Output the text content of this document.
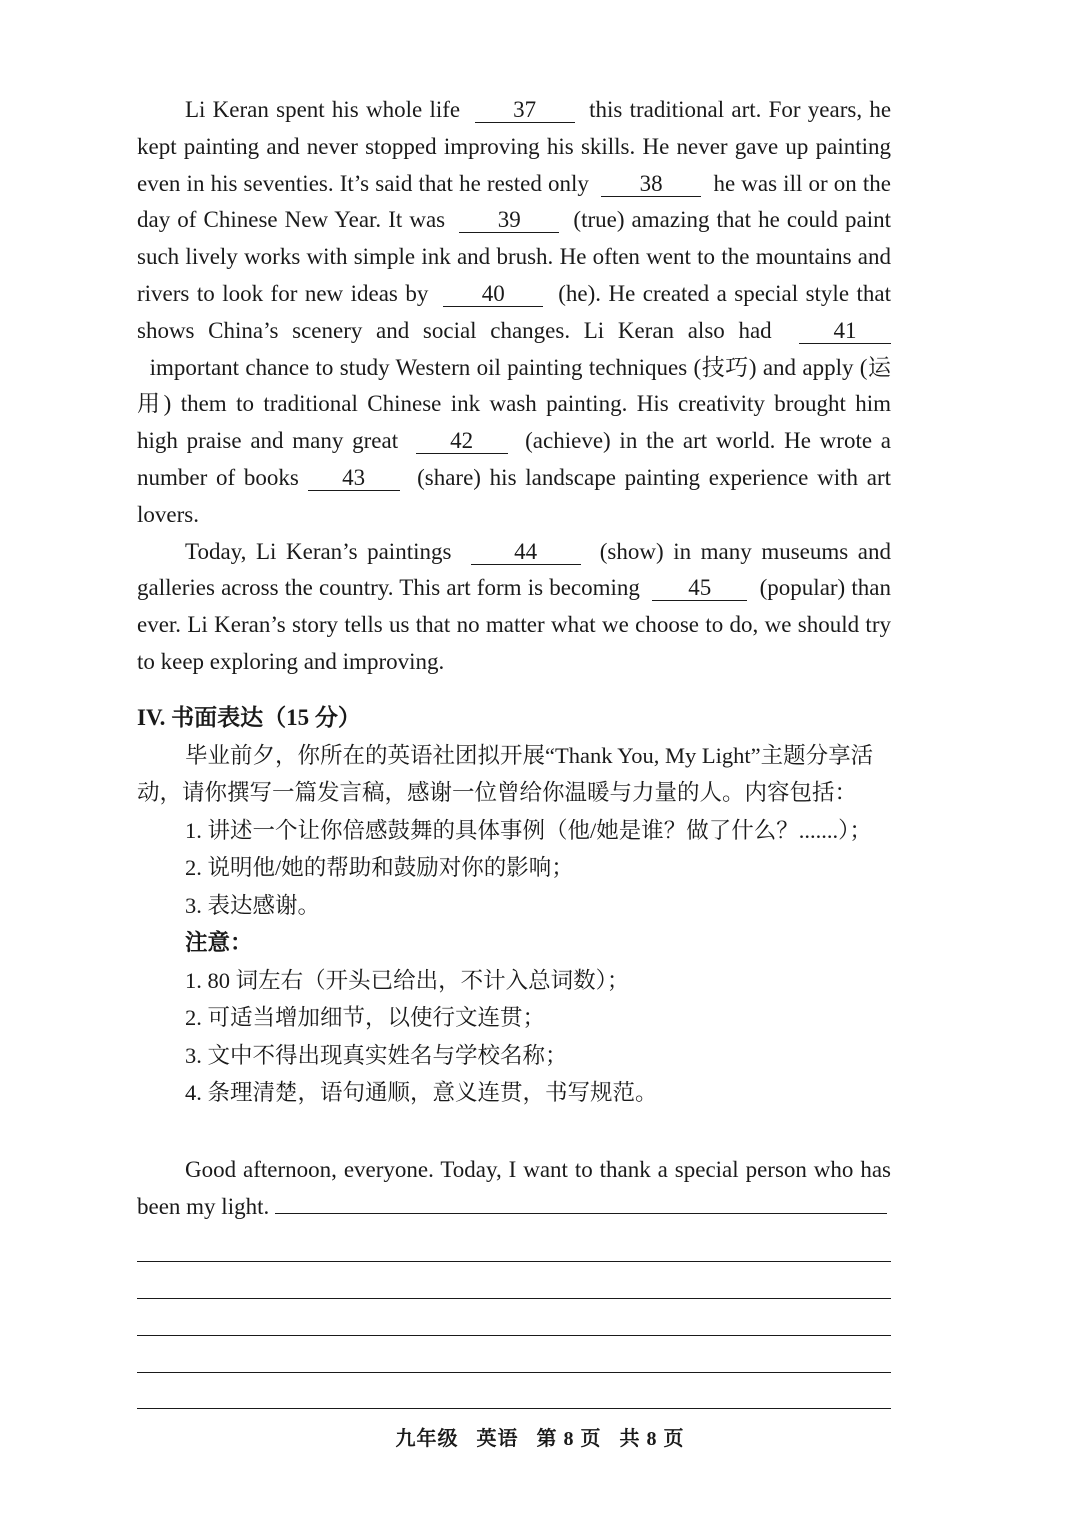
Li Keran spent his whole life 37 this traditional art. For years, he kept painting and never stopped improving his skills. He never gave up painting even in his seventies. It’s said that he rested only 38 he was ill or on the day of Chinese New Year. It was 39 (true) amazing that he could paint such lively works with simple ink and brush. He often went to the mountains and rivers to look for new ideas by 40 (he). He created a special style that shows China’s scenery and social changes. Li Keran also had	41  important chance to study Western oil painting techniques (技巧) and apply (运用) them to traditional Chinese ink wash painting. His creativity brought him high praise and many great 42 (achieve) in the art world. He wrote a number of books 43 (share) his landscape painting experience with art lovers.

Today, Li Keran’s paintings	44	(show) in many museums and galleries across the country. This art form is becoming 45 (popular) than ever. Li Keran’s story tells us that no matter what we choose to do, we should try to keep exploring and improving.

IV. 书面表达（15 分）
毕业前夕，你所在的英语社团拟开展“Thank You, My Light”主题分享活动，请你撰写一篇发言稿，感谢一位曾给你温暖与力量的人。内容包括：
1. 讲述一个让你倍感鼓舞的具体事例（他/她是谁？做了什么？.......）；
2. 说明他/她的帮助和鼓励对你的影响；
3. 表达感谢。
注意：
1. 80 词左右（开头已给出，不计入总词数）；
2. 可适当增加细节，以使行文连贯；
3. 文中不得出现真实姓名与学校名称；
4. 条理清楚，语句通顺，意义连贯，书写规范。

Good afternoon, everyone. Today, I want to thank a special person who has been my light.

九年级 英语 第 8 页 共 8 页
